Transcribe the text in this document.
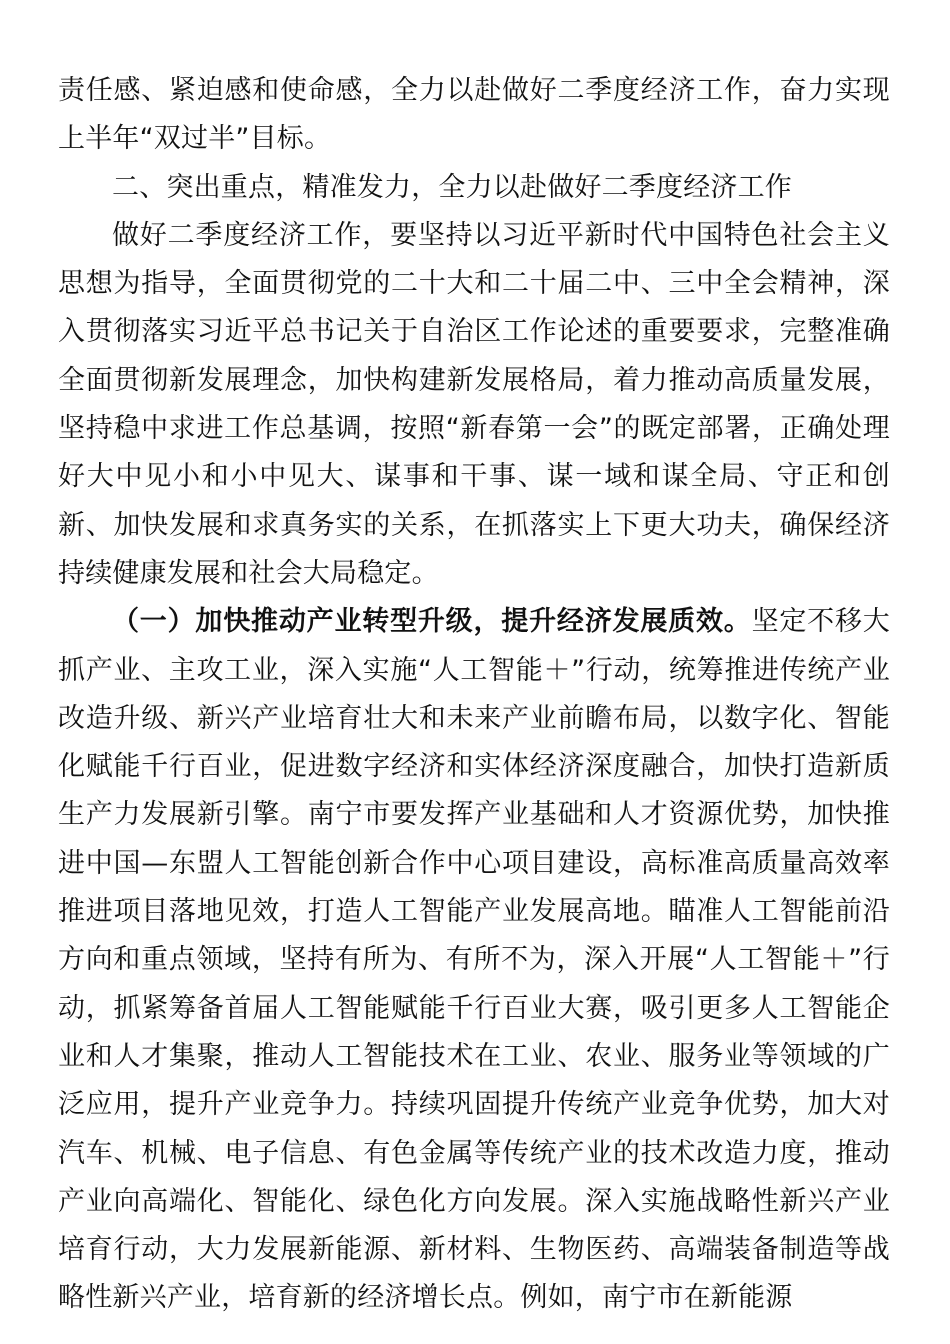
责任感、紧迫感和使命感，全力以赴做好二季度经济工作，奋力实现上半年“双过半”目标。

二、突出重点，精准发力，全力以赴做好二季度经济工作

做好二季度经济工作，要坚持以习近平新时代中国特色社会主义思想为指导，全面贯彻党的二十大和二十届二中、三中全会精神，深入贯彻落实习近平总书记关于自治区工作论述的重要要求，完整准确全面贯彻新发展理念，加快构建新发展格局，着力推动高质量发展，坚持稳中求进工作总基调，按照“新春第一会”的既定部署，正确处理好大中见小和小中见大、谋事和干事、谋一域和谋全局、守正和创新、加快发展和求真务实的关系，在抓落实上下更大功夫，确保经济持续健康发展和社会大局稳定。

（一）加快推动产业转型升级，提升经济发展质效。坚定不移大抓产业、主攻工业，深入实施“人工智能＋”行动，统筹推进传统产业改造升级、新兴产业培育壮大和未来产业前瞻布局，以数字化、智能化赋能千行百业，促进数字经济和实体经济深度融合，加快打造新质生产力发展新引擎。南宁市要发挥产业基础和人才资源优势，加快推进中国—东盟人工智能创新合作中心项目建设，高标准高质量高效率推进项目落地见效，打造人工智能产业发展高地。瞄准人工智能前沿方向和重点领域，坚持有所为、有所不为，深入开展“人工智能＋”行动，抓紧筹备首届人工智能赋能千行百业大赛，吸引更多人工智能企业和人才集聚，推动人工智能技术在工业、农业、服务业等领域的广泛应用，提升产业竞争力。持续巩固提升传统产业竞争优势，加大对汽车、机械、电子信息、有色金属等传统产业的技术改造力度，推动产业向高端化、智能化、绿色化方向发展。深入实施战略性新兴产业培育行动，大力发展新能源、新材料、生物医药、高端装备制造等战略性新兴产业，培育新的经济增长点。例如，南宁市在新能源
